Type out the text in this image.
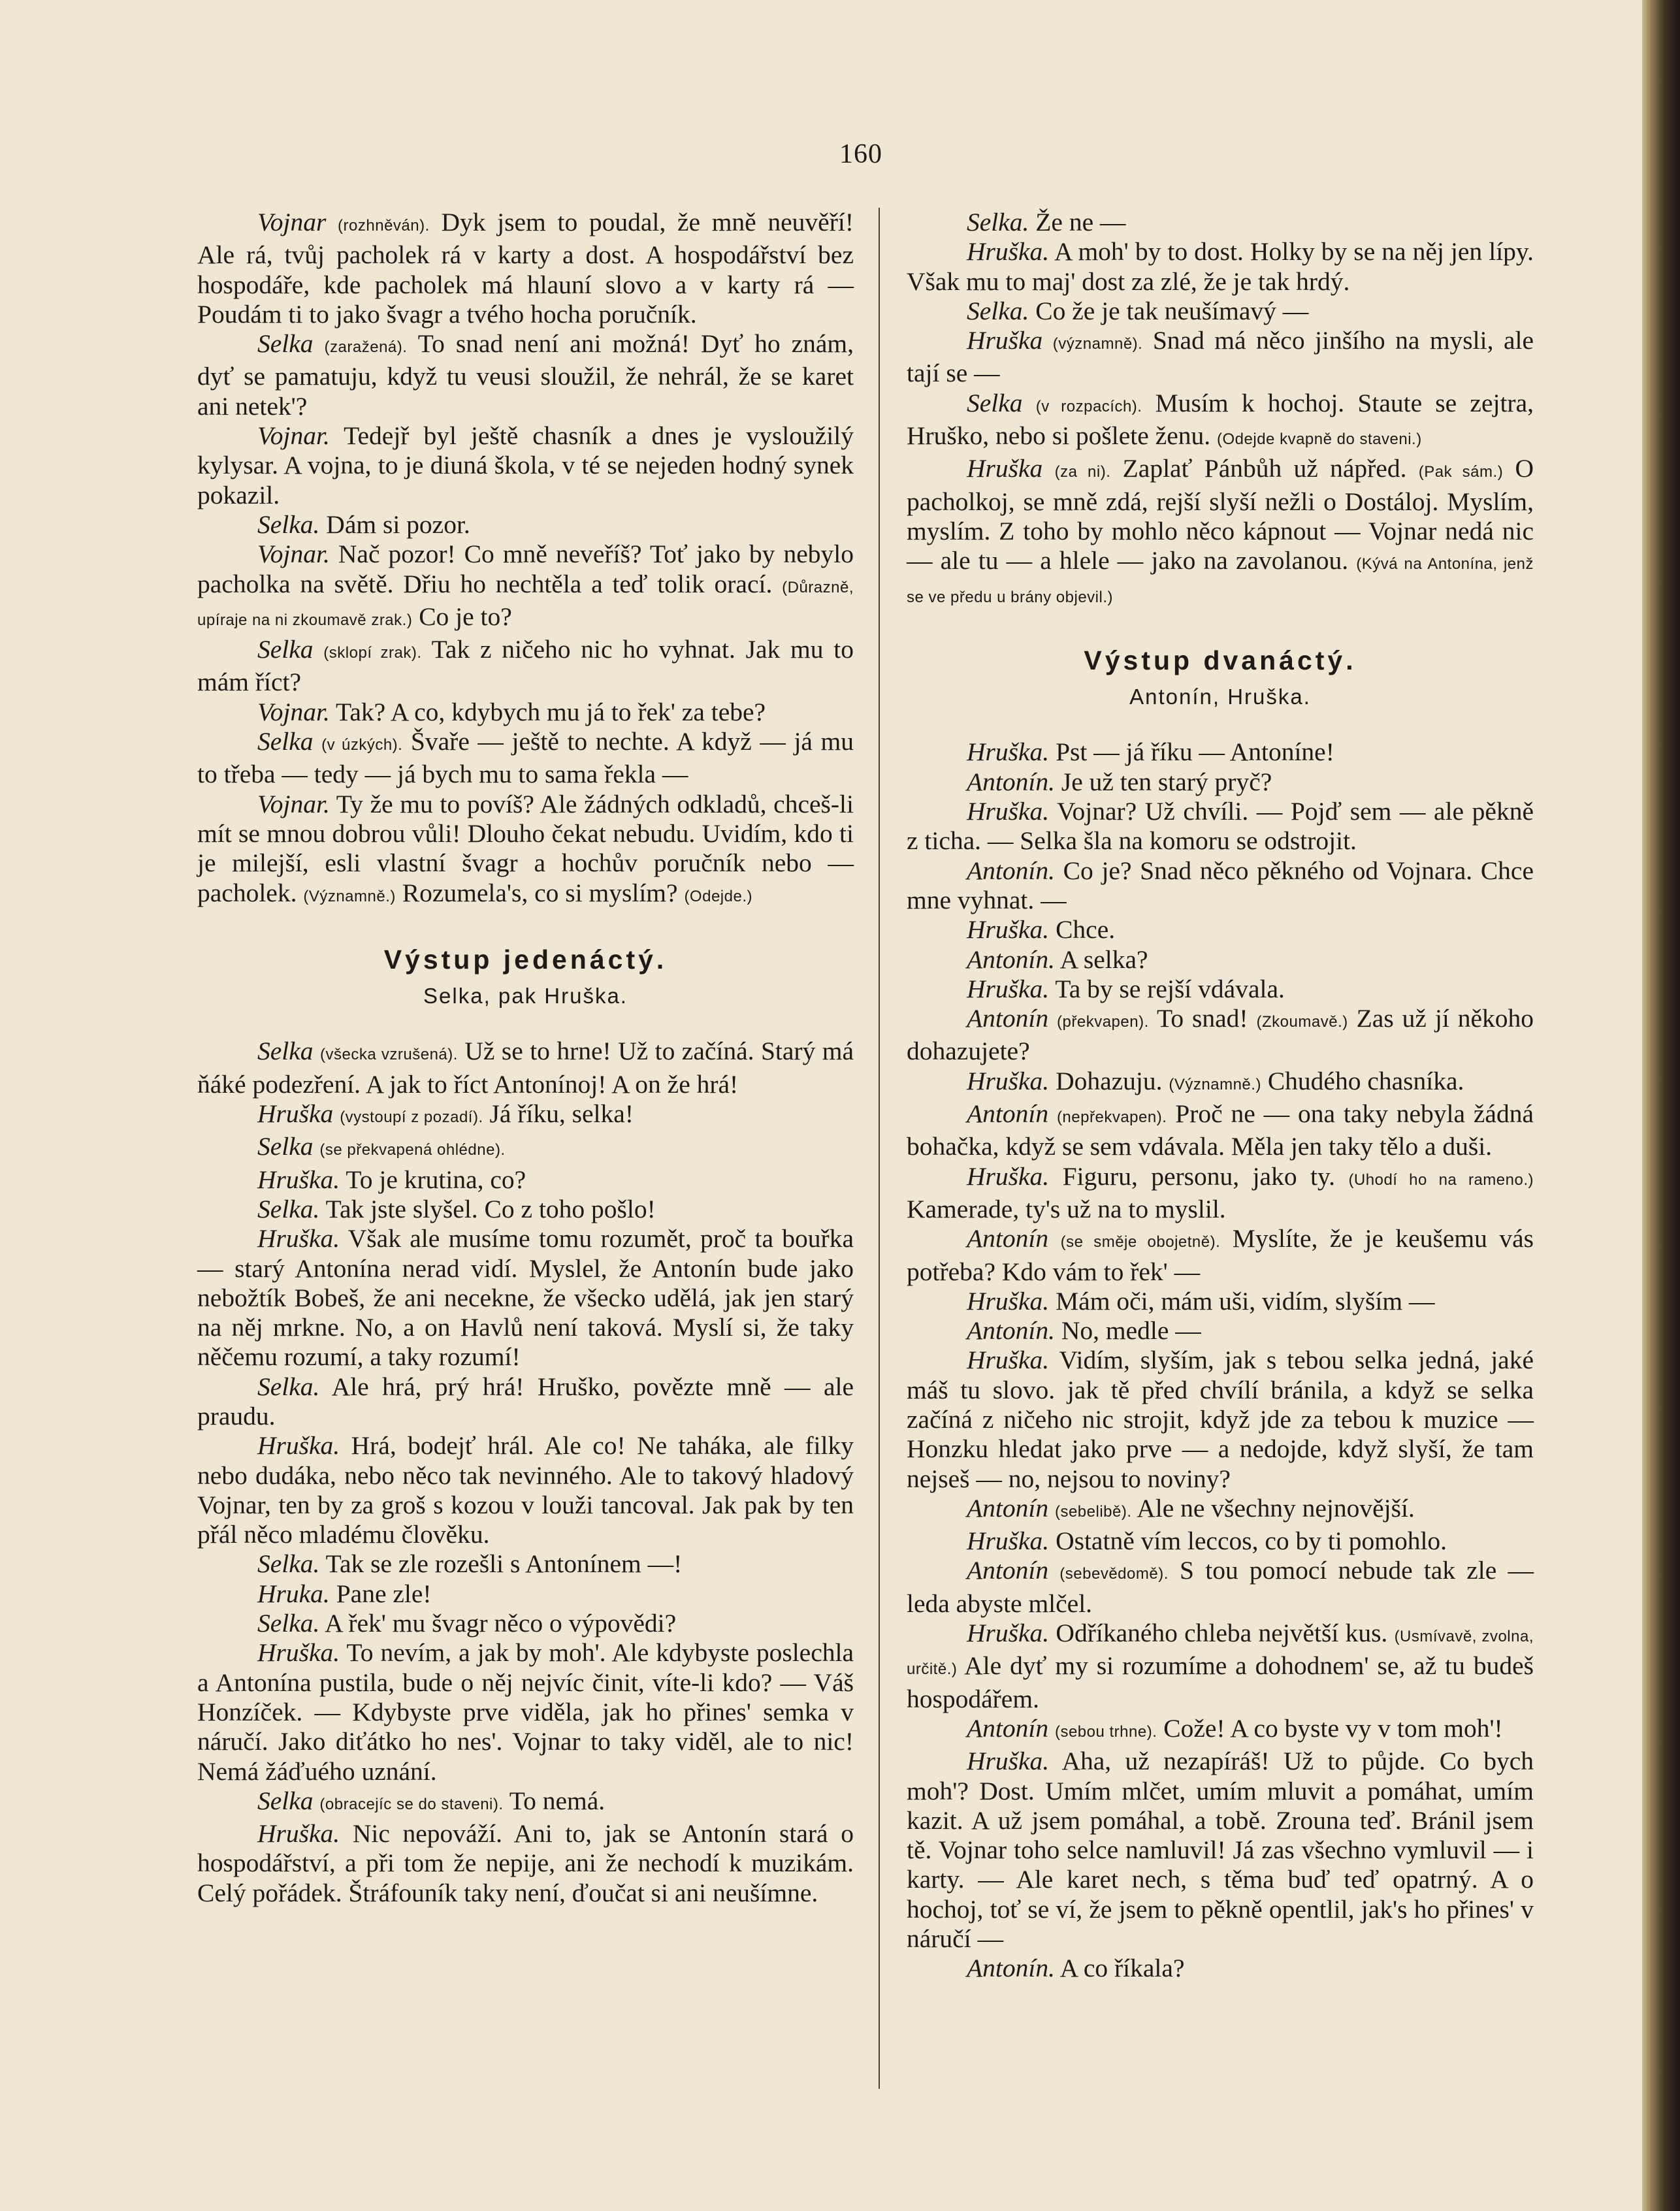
160

Vojnar (rozhněván). Dyk jsem to poudal, že mně neuvěří! Ale rá, tvůj pacholek rá v karty a dost. A hospodářství bez hospodáře, kde pacholek má hlauní slovo a v karty rá — Poudám ti to jako švagr a tvého hocha poručník.

Selka (zaražená). To snad není ani možná! Dyť ho znám, dyť se pamatuju, když tu veusi sloužil, že nehrál, že se karet ani netek'?

Vojnar. Tedejř byl ještě chasník a dnes je vyslоužilý kylysar. A vojna, to je diuná škola, v té se nejeden hodný synek pokazil.

Selka. Dám si pozor.

Vojnar. Nač pozor! Co mně neveříš? Toť jako by nebylo pacholka na světě. Dřiu ho nechtěla a teď tolik orací. (Důrazně, upíraje na ni zkoumavě zrak.) Co je to?

Selka (sklopí zrak). Tak z ničeho nic ho vyhnat. Jak mu to mám říct?

Vojnar. Tak? A co, kdybych mu já to řek' za tebe?

Selka (v úzkých). Švaře — ještě to nechte. A když — já mu to třeba — tedy — já bych mu to sama řekla —

Vojnar. Ty že mu to povíš? Ale žádných odkladů, chceš-li mít se mnou dobrou vůli! Dlouho čekat nebudu. Uvidím, kdo ti je milejší, esli vlastní švagr a hochův poručník nebo — pacholek. (Významně.) Rozumela's, co si myslím? (Odejde.)

Výstup jedenáctý.
Selka, pak Hruška.

Selka (všecka vzrušená). Už se to hrne! Už to začíná. Starý má ňáké podezření. A jak to říct Antonínoj! A on že hrá!

Hruška (vystoupí z pozadí). Já říku, selka!

Selka (se překvapená ohlédne).

Hruška. To je krutina, co?

Selka. Tak jste slyšel. Co z toho pošlo!

Hruška. Však ale musíme tomu rozumět, proč ta bouřka — starý Antonína nerad vidí. Myslel, že Antonín bude jako nebožtík Bobeš, že ani necekne, že všecko udělá, jak jen starý na něj mrkne. No, a on Havlů není taková. Myslí si, že taky něčemu rozumí, a taky rozumí!

Selka. Ale hrá, prý hrá! Hruško, povězte mně — ale praudu.

Hruška. Hrá, bodejť hrál. Ale co! Ne taháka, ale filky nebo dudáka, nebo něco tak nevinného. Ale to takový hladový Vojnar, ten by za groš s kozou v louži tancoval. Jak pak by ten přál něco mladému člověku.

Selka. Tak se zle rozešli s Antonínem —!

Hruka. Pane zle!

Selka. A řek' mu švagr něco o výpovědi?

Hruška. To nevím, a jak by moh'. Ale kdybyste poslechla a Antonína pustila, bude o něj nejvíc činit, víte-li kdo? — Váš Honzíček. — Kdybyste prve viděla, jak ho přines' semka v náručí. Jako diťátko ho nes'. Vojnar to taky viděl, ale to nic! Nemá žáďuého uznání.

Selka (obracejíc se do staveni). To nemá.

Hruška. Nic nepováží. Ani to, jak se Antonín stará o hospodářství, a při tom že nepije, ani že nechodí k muzikám. Celý pořádek. Štráfouník taky není, ďoučat si ani neušímne.

Selka. Že ne —

Hruška. A moh' by to dost. Holky by se na něj jen lípy. Však mu to maj' dost za zlé, že je tak hrdý.

Selka. Co že je tak neušímavý —

Hruška (významně). Snad má něco jinšího na mysli, ale tají se —

Selka (v rozpacích). Musím k hochoj. Staute se zejtra, Hruško, nebo si pošlete ženu. (Odejde kvapně do staveni.)

Hruška (za ni). Zaplať Pánbůh už nápřed. (Pak sám.) O pacholkoj, se mně zdá, rejší slyší nežli o Dostáloj. Myslím, myslím. Z toho by mohlo něco kápnout — Vojnar nedá nic — ale tu — a hlele — jako na zavolanou. (Kývá na Antonína, jenž se ve předu u brány objevil.)

Výstup dvanáctý.
Antonín, Hruška.

Hruška. Pst — já říku — Antoníne!

Antonín. Je už ten starý pryč?

Hruška. Vojnar? Už chvíli. — Pojď sem — ale pěkně z ticha. — Selka šla na komoru se odstrojit.

Antonín. Co je? Snad něco pěkného od Vojnara. Chce mne vyhnat. —

Hruška. Chce.

Antonín. A selka?

Hruška. Ta by se rejší vdávala.

Antonín (překvapen). To snad! (Zkoumavě.) Zas už jí někoho dohazujete?

Hruška. Dohazuju. (Významně.) Chudého chasníka.

Antonín (nepřekvapen). Proč ne — ona taky nebyla žádná bohačka, když se sem vdávala. Měla jen taky tělo a duši.

Hruška. Figuru, personu, jako ty. (Uhodí ho na rameno.) Kamerade, ty's už na to myslil.

Antonín (se směje obojetně). Myslíte, že je keušemu vás potřeba? Kdo vám to řek' —

Hruška. Mám oči, mám uši, vidím, slyším —

Antonín. No, medle —

Hruška. Vidím, slyším, jak s tebou selka jedná, jaké máš tu slovo. jak tě před chvílí bránila, a když se selka začíná z ničeho nic strojit, když jde za tebou k muzice — Honzku hledat jako prve — a nedojde, když slyší, že tam nejseš — no, nejsou to noviny?

Antonín (sebelibě). Ale ne všechny nejnovější.

Hruška. Ostatně vím leccos, co by ti pomohlo.

Antonín (sebevědomě). S tou pomocí nebude tak zle — leda abyste mlčel.

Hruška. Odříkaného chleba největší kus. (Usmívavě, zvolna, určitě.) Ale dyť my si rozumíme a dohodnem' se, až tu budeš hospodářem.

Antonín (sebou trhne). Cože! A co byste vy v tom moh'!

Hruška. Aha, už nezapíráš! Už to půjde. Co bych moh'? Dost. Umím mlčet, umím mluvit a pomáhat, umím kazit. A už jsem pomáhal, a tobě. Zrouna teď. Bránil jsem tě. Vojnar toho selce namluvil! Já zas všechno vymluvil — i karty. — Ale karet nech, s těma buď teď opatrný. A o hochoj, toť se ví, že jsem to pěkně opentlil, jak's ho přines' v náručí —

Antonín. A co říkala?
